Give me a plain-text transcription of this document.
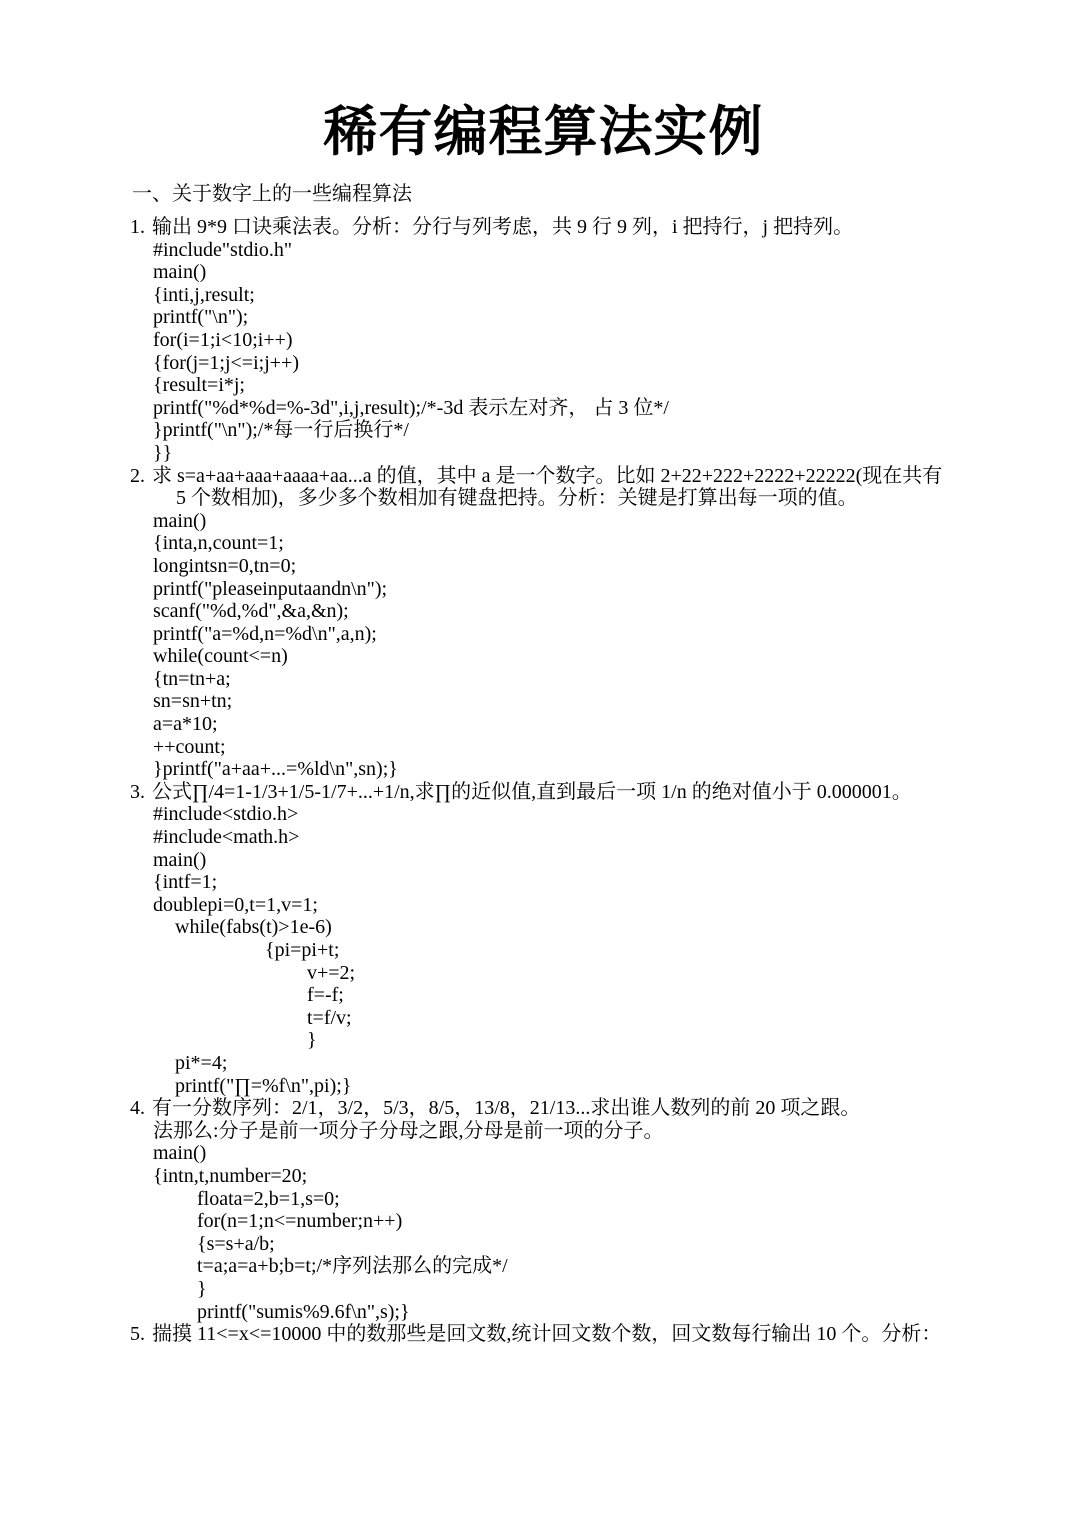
稀有编程算法实例
一、关于数字上的一些编程算法
1. 输出 9*9 口诀乘法表。分析：分行与列考虑，共 9 行 9 列，i 把持行，j 把持列。
#include"stdio.h"
main()
{inti,j,result;
printf("\n");
for(i=1;i<10;i++)
{for(j=1;j<=i;j++)
{result=i*j;
printf("%d*%d=%-3d",i,j,result);/*-3d 表示左对齐， 占 3 位*/
}printf("\n");/*每一行后换行*/
}}
2. 求 s=a+aa+aaa+aaaa+aa...a 的值，其中 a 是一个数字。比如 2+22+222+2222+22222(现在共有
5 个数相加)，多少多个数相加有键盘把持。分析：关键是打算出每一项的值。
main()
{inta,n,count=1;
longintsn=0,tn=0;
printf("pleaseinputaandn\n");
scanf("%d,%d",&a,&n);
printf("a=%d,n=%d\n",a,n);
while(count<=n)
{tn=tn+a;
sn=sn+tn;
a=a*10;
++count;
}printf("a+aa+...=%ld\n",sn);}
3. 公式∏/4=1-1/3+1/5-1/7+...+1/n,求∏的近似值,直到最后一项 1/n 的绝对值小于 0.000001。
#include<stdio.h>
#include<math.h>
main()
{intf=1;
doublepi=0,t=1,v=1;
while(fabs(t)>1e-6)
{pi=pi+t;
v+=2;
f=-f;
t=f/v;
}
pi*=4;
printf("∏=%f\n",pi);}
4. 有一分数序列：2/1，3/2，5/3，8/5，13/8，21/13...求出谁人数列的前 20 项之跟。
法那么:分子是前一项分子分母之跟,分母是前一项的分子。
main()
{intn,t,number=20;
floata=2,b=1,s=0;
for(n=1;n<=number;n++)
{s=s+a/b;
t=a;a=a+b;b=t;/*序列法那么的完成*/
}
printf("sumis%9.6f\n",s);}
5. 揣摸 11<=x<=10000 中的数那些是回文数,统计回文数个数，回文数每行输出 10 个。分析：
